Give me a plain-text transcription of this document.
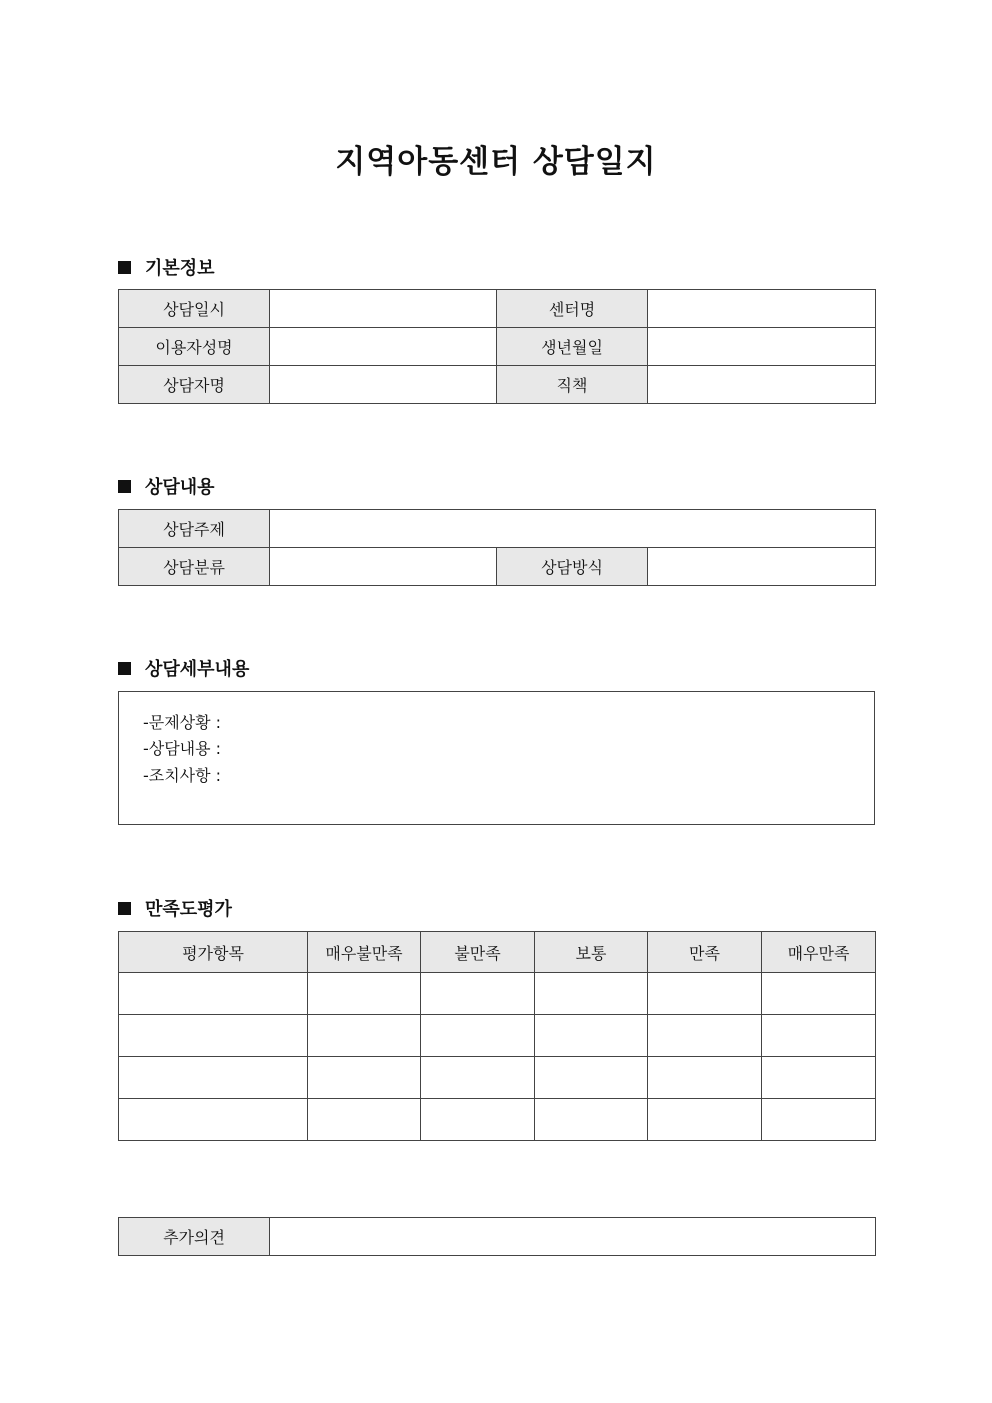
지역아동센터 상담일지
기본정보
상담일시		센터명	
이용자성명		생년월일	
상담자명		직책	
상담내용
상담주제			
상담분류		상담방식	
상담세부내용
-문제상황 :
-상담내용 :
-조치사항 :
만족도평가
평가항목	매우불만족	불만족	보통	만족	매우만족

추가의견	
